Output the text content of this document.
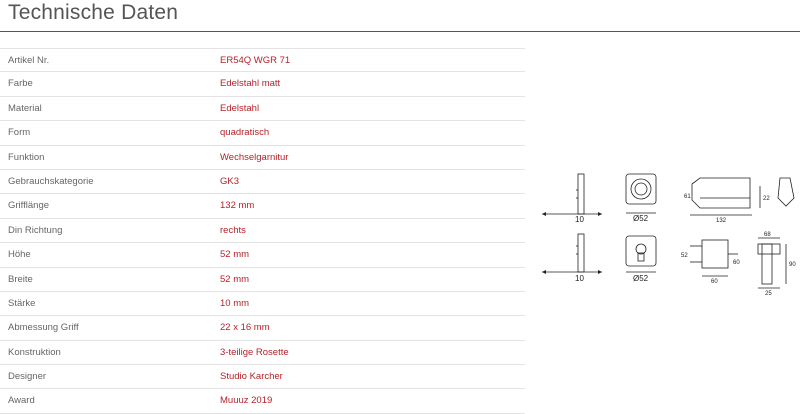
Technische Daten
Artikel Nr.	ER54Q WGR 71
Farbe	Edelstahl matt
Material	Edelstahl
Form	quadratisch
Funktion	Wechselgarnitur
Gebrauchskategorie	GK3
Grifflänge	132 mm
Din Richtung	rechts
Höhe	52 mm
Breite	52 mm
Stärke	10 mm
Abmessung Griff	22 x 16 mm
Konstruktion	3-teilige Rosette
Designer	Studio Karcher
Award	Muuuz 2019
10	Ø52
61
132
22
10	Ø52
68
52
60
60
90
25
